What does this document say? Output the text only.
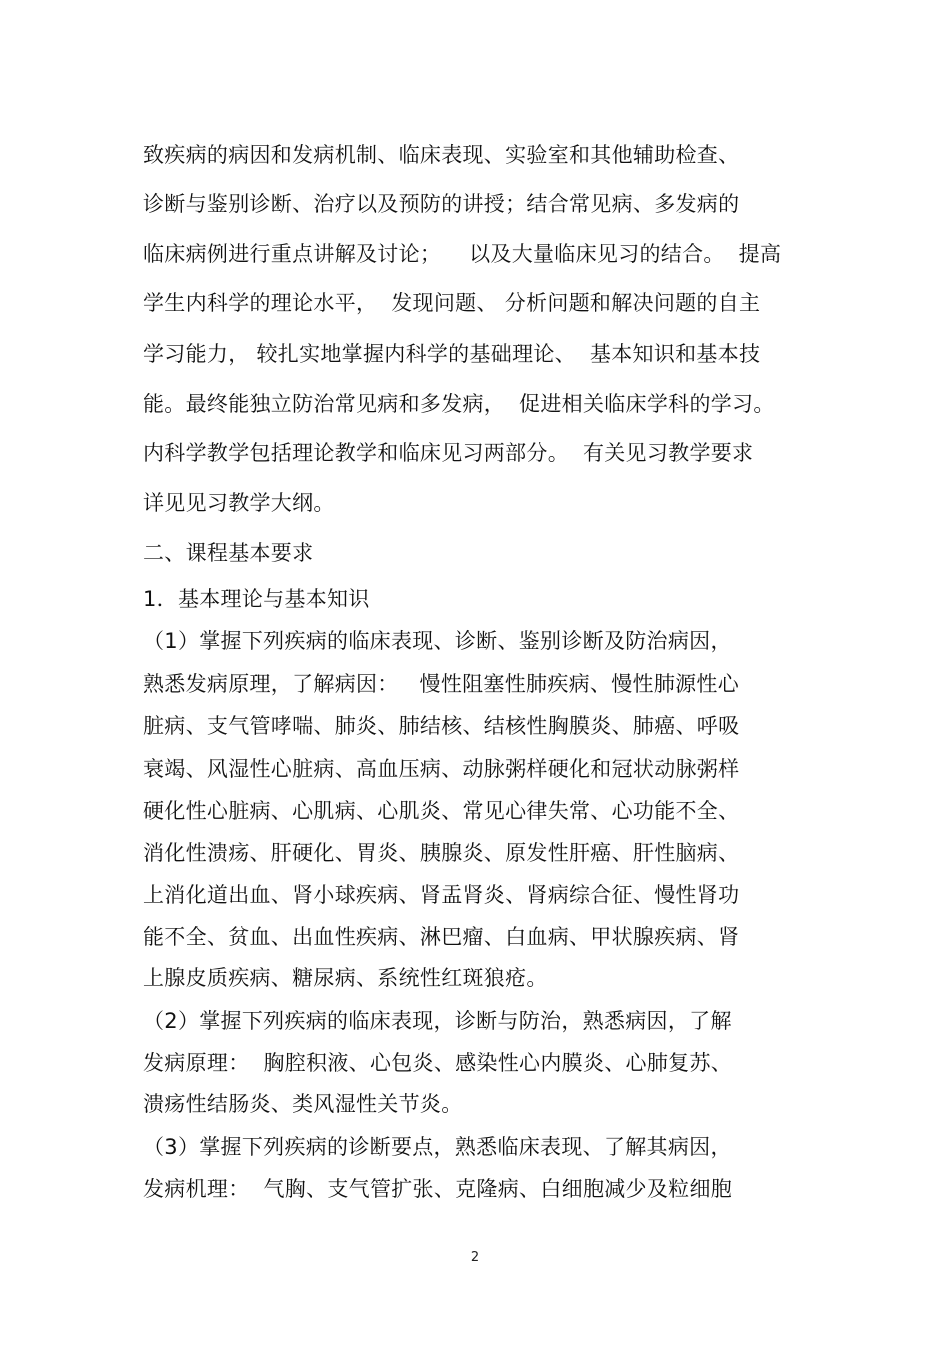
致疾病的病因和发病机制、临床表现、实验室和其他辅助检查、
诊断与鉴别诊断、治疗以及预防的讲授；结合常见病、多发病的
临床病例进行重点讲解及讨论；    以及大量临床见习的结合。  提高
学生内科学的理论水平，  发现问题、 分析问题和解决问题的自主
学习能力， 较扎实地掌握内科学的基础理论、  基本知识和基本技
能。最终能独立防治常见病和多发病，  促进相关临床学科的学习。
内科学教学包括理论教学和临床见习两部分。  有关见习教学要求
详见见习教学大纲。
二、课程基本要求
1．基本理论与基本知识
（1）掌握下列疾病的临床表现、诊断、鉴别诊断及防治病因，
熟悉发病原理，了解病因：   慢性阻塞性肺疾病、慢性肺源性心
脏病、支气管哮喘、肺炎、肺结核、结核性胸膜炎、肺癌、呼吸
衰竭、风湿性心脏病、高血压病、动脉粥样硬化和冠状动脉粥样
硬化性心脏病、心肌病、心肌炎、常见心律失常、心功能不全、
消化性溃疡、肝硬化、胃炎、胰腺炎、原发性肝癌、肝性脑病、
上消化道出血、肾小球疾病、肾盂肾炎、肾病综合征、慢性肾功
能不全、贫血、出血性疾病、淋巴瘤、白血病、甲状腺疾病、肾
上腺皮质疾病、糖尿病、系统性红斑狼疮。
（2）掌握下列疾病的临床表现，诊断与防治，熟悉病因，了解
发病原理：  胸腔积液、心包炎、感染性心内膜炎、心肺复苏、
溃疡性结肠炎、类风湿性关节炎。
（3）掌握下列疾病的诊断要点，熟悉临床表现、了解其病因，
发病机理：  气胸、支气管扩张、克隆病、白细胞减少及粒细胞
2
